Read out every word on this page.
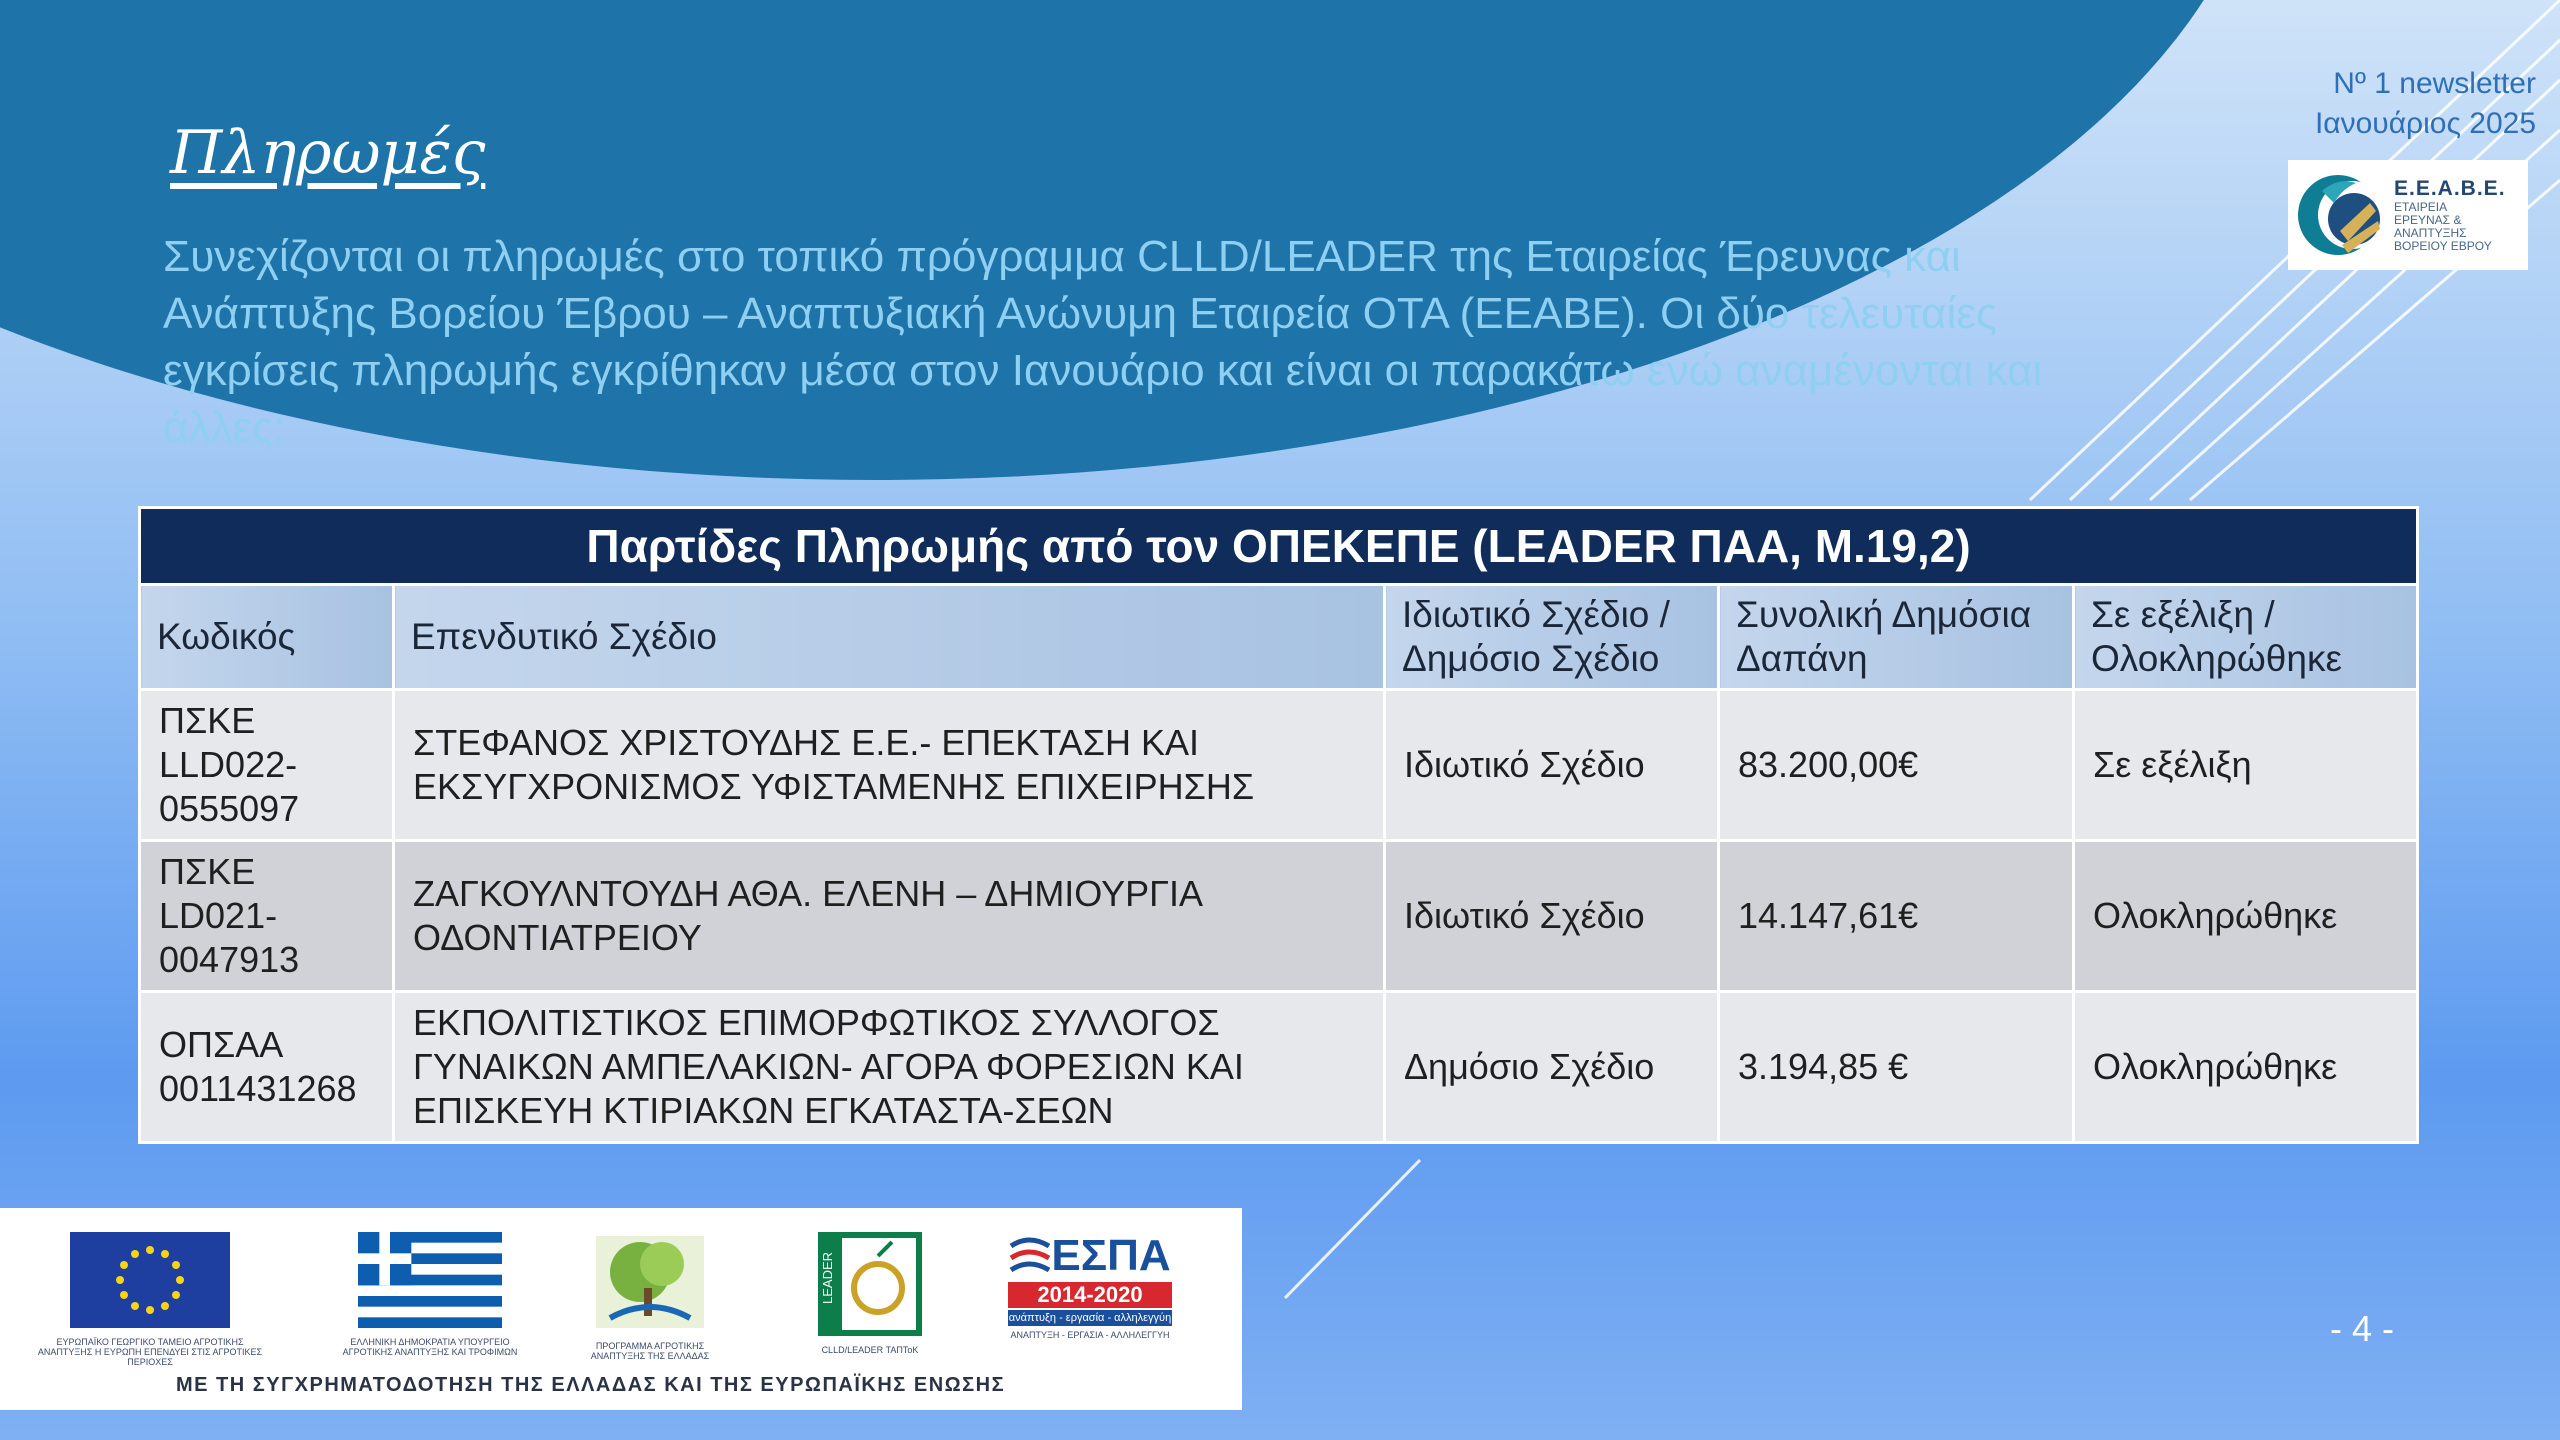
Πληρωμές

Συνεχίζονται οι πληρωμές στο τοπικό πρόγραμμα CLLD/LEADER της Εταιρείας Έρευνας και Ανάπτυξης Βορείου Έβρου – Αναπτυξιακή Ανώνυμη Εταιρεία ΟΤΑ (ΕΕΑΒΕ). Οι δύο τελευταίες εγκρίσεις πληρωμής εγκρίθηκαν μέσα στον Ιανουάριο και είναι οι παρακάτω ενώ αναμένονται και άλλες:

Nº 1 newsletter
Ιανουάριος 2025
Ε.Ε.Α.Β.Ε.
ΕΤΑΙΡΕΙΑ
ΕΡΕΥΝΑΣ &
ΑΝΑΠΤΥΞΗΣ
ΒΟΡΕΙΟΥ ΕΒΡΟΥ
Παρτίδες Πληρωμής από τον ΟΠΕΚΕΠΕ (LEADER ΠΑΑ, Μ.19,2)				
Κωδικός	Επενδυτικό Σχέδιο	Ιδιωτικό Σχέδιο / Δημόσιο Σχέδιο	Συνολική Δημόσια Δαπάνη	Σε εξέλιξη / Ολοκληρώθηκε
ΠΣΚΕ LLD022-0555097	ΣΤΕΦΑΝΟΣ ΧΡΙΣΤΟΥΔΗΣ Ε.Ε.- ΕΠΕΚΤΑΣΗ ΚΑΙ ΕΚΣΥΓΧΡΟΝΙΣΜΟΣ ΥΦΙΣΤΑΜΕΝΗΣ ΕΠΙΧΕΙΡΗΣΗΣ	Ιδιωτικό Σχέδιο	83.200,00€	Σε εξέλιξη
ΠΣΚΕ LD021-0047913	ΖΑΓΚΟΥΛΝΤΟΥΔΗ ΑΘΑ. ΕΛΕΝΗ – ΔΗΜΙΟΥΡΓΙΑ ΟΔΟΝΤΙΑΤΡΕΙΟΥ	Ιδιωτικό Σχέδιο	14.147,61€	Ολοκληρώθηκε
ΟΠΣΑΑ 0011431268	ΕΚΠΟΛΙΤΙΣΤΙΚΟΣ ΕΠΙΜΟΡΦΩΤΙΚΟΣ ΣΥΛΛΟΓΟΣ ΓΥΝΑΙΚΩΝ ΑΜΠΕΛΑΚΙΩΝ- ΑΓΟΡΑ ΦΟΡΕΣΙΩΝ ΚΑΙ ΕΠΙΣΚΕΥΗ ΚΤΙΡΙΑΚΩΝ ΕΓΚΑΤΑΣΤΑ-ΣΕΩΝ	Δημόσιο Σχέδιο	3.194,85 €	Ολοκληρώθηκε
ΕΥΡΩΠΑΪΚΟ ΓΕΩΡΓΙΚΟ ΤΑΜΕΙΟ ΑΓΡΟΤΙΚΗΣ ΑΝΑΠΤΥΞΗΣ Η ΕΥΡΩΠΗ ΕΠΕΝΔΥΕΙ ΣΤΙΣ ΑΓΡΟΤΙΚΕΣ ΠΕΡΙΟΧΕΣ
ΕΛΛΗΝΙΚΗ ΔΗΜΟΚΡΑΤΙΑ ΥΠΟΥΡΓΕΙΟ ΑΓΡΟΤΙΚΗΣ ΑΝΑΠΤΥΞΗΣ ΚΑΙ ΤΡΟΦΙΜΩΝ
ΠΡΟΓΡΑΜΜΑ ΑΓΡΟΤΙΚΗΣ ΑΝΑΠΤΥΞΗΣ ΤΗΣ ΕΛΛΑΔΑΣ
LEADER
CLLD/LEADER ΤΑΠΤοΚ
ΕΣΠΑ
2014-2020
ανάπτυξη - εργασία - αλληλεγγύη
ΑΝΑΠΤΥΞΗ - ΕΡΓΑΣΙΑ - ΑΛΛΗΛΕΓΓΥΗ
ΜΕ ΤΗ ΣΥΓΧΡΗΜΑΤΟΔΟΤΗΣΗ ΤΗΣ ΕΛΛΑΔΑΣ ΚΑΙ ΤΗΣ ΕΥΡΩΠΑΪΚΗΣ ΕΝΩΣΗΣ
- 4 -
